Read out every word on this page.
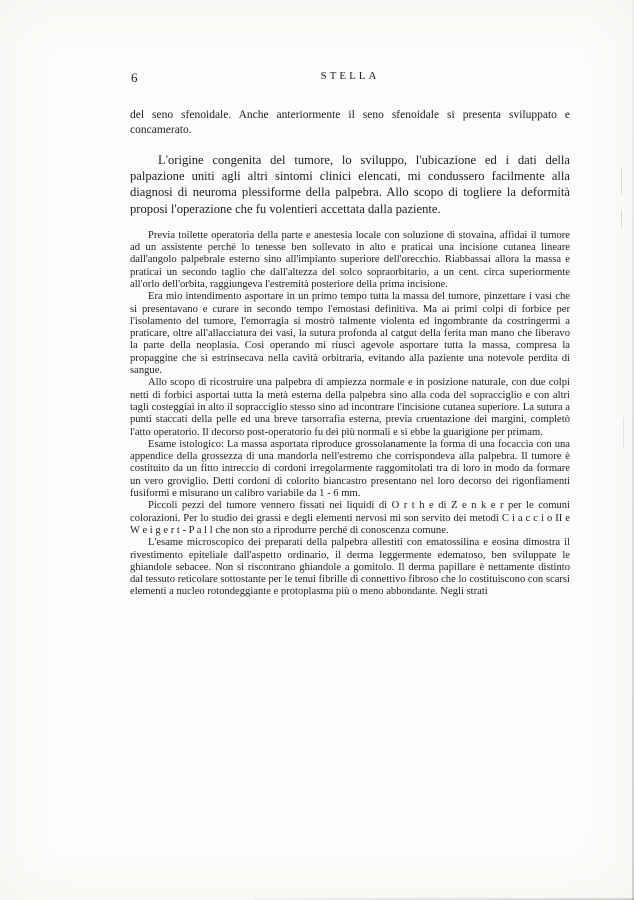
6	STELLA

del seno sfenoidale. Anche anteriormente il seno sfenoidale si presenta sviluppato e concamerato.

L'origine congenita del tumore, lo sviluppo, l'ubicazione ed i dati della palpazione uniti agli altri sintomi clinici elencati, mi condussero facilmente alla diagnosi di neuroma plessiforme della palpebra. Allo scopo di togliere la deformità proposi l'operazione che fu volentieri accettata dalla paziente.

Previa toilette operatoria della parte e anestesia locale con soluzione di stovaina, affidai il tumore ad un assistente perché lo tenesse ben sollevato in alto e praticai una incisione cutanea lineare dall'angolo palpebrale esterno sino all'impianto superiore dell'orecchio. Riabbassai allora la massa e praticai un secondo taglio che dall'altezza del solco sopraorbitario, a un cent. circa superiormente all'orlo dell'orbita, raggiungeva l'estremità posteriore della prima incisione.

Era mio intendimento asportare in un primo tempo tutta la massa del tumore, pinzettare i vasi che si presentavano e curare in secondo tempo l'emostasi definitiva. Ma ai primi colpi di forbice per l'isolamento del tumore, l'emorragia si mostrò talmente violenta ed ingombrante da costringermi a praticare, oltre all'allacciatura dei vasi, la sutura profonda al catgut della ferita man mano che liberavo la parte della neoplasia. Così operando mi riuscì agevole asportare tutta la massa, compresa la propaggine che si estrinsecava nella cavità orbitraria, evitando alla paziente una notevole perdita di sangue.

Allo scopo di ricostruire una palpebra di ampiezza normale e in posizione naturale, con due colpi netti di forbici asportai tutta la metà esterna della palpebra sino alla coda del sopracciglio e con altri tagli costeggiai in alto il sopracciglio stesso sino ad incontrare l'incisione cutanea superiore. La sutura a punti staccati della pelle ed una breve tarsorrafia esterna, previa cruentazione dei margini, completò l'atto operatorio. Il decorso post-operatorio fu dei più normali e si ebbe la guarigione per primam.

Esame istologico: La massa asportata riproduce grossolanamente la forma di una focaccia con una appendice della grossezza di una mandorla nell'estremo che corrispondeva alla palpebra. Il tumore è costituito da un fitto intreccio di cordoni irregolarmente raggomitolati tra di loro in modo da formare un vero groviglio. Detti cordoni di colorito biancastro presentano nel loro decorso dei rigonfiamenti fusiformi e misurano un calibro variabile da 1 - 6 mm.

Piccoli pezzi del tumore vennero fissati nei liquidi di O r t h e di Z e n k e r per le comuni colorazioni. Per lo studio dei grassi e degli elementi nervosi mi son servito dei metodi C i a c c i o II e W e i g e r t - P a l l che non sto a riprodurre perché di conoscenza comune.

L'esame microscopico dei preparati della palpebra allestiti con ematossilina e eosina dimostra il rivestimento epiteliale dall'aspetto ordinario, il derma leggermente edematoso, ben sviluppate le ghiandole sebacee. Non si riscontrano ghiandole a gomitolo. Il derma papillare è nettamente distinto dal tessuto reticolare sottostante per le tenui fibrille di connettivo fibroso che lo costituiscono con scarsi elementi a nucleo rotondeggiante e protoplasma più o meno abbondante. Negli strati
